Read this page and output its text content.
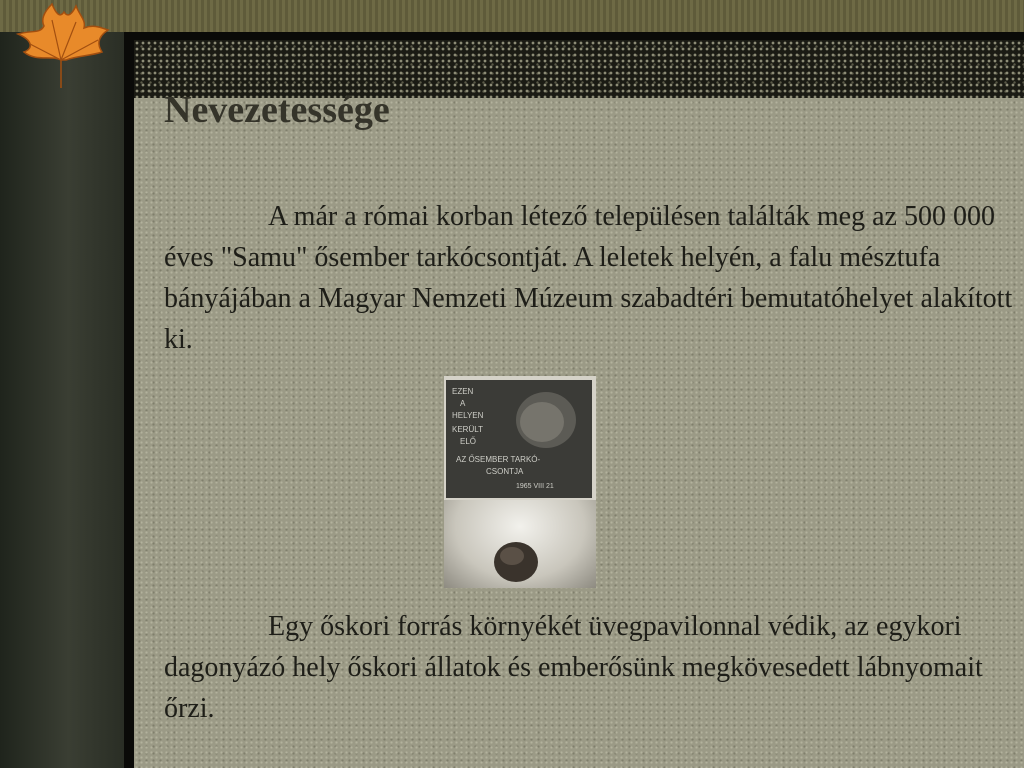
Nevezetessége

A már a római korban létező településen találták meg az 500 000 éves "Samu" ősember tarkócsontját. A leletek helyén, a falu mésztufa bányájában a Magyar Nemzeti Múzeum szabadtéri bemutatóhelyet alakított ki.

EZEN
A
HELYEN
KERÜLT
ELŐ
AZ ŐSEMBER TARKÓ-
CSONTJA
1965 VIII 21

Egy őskori forrás környékét üvegpavilonnal védik, az egykori dagonyázó hely őskori állatok és emberősünk megkövesedett lábnyomait őrzi.
